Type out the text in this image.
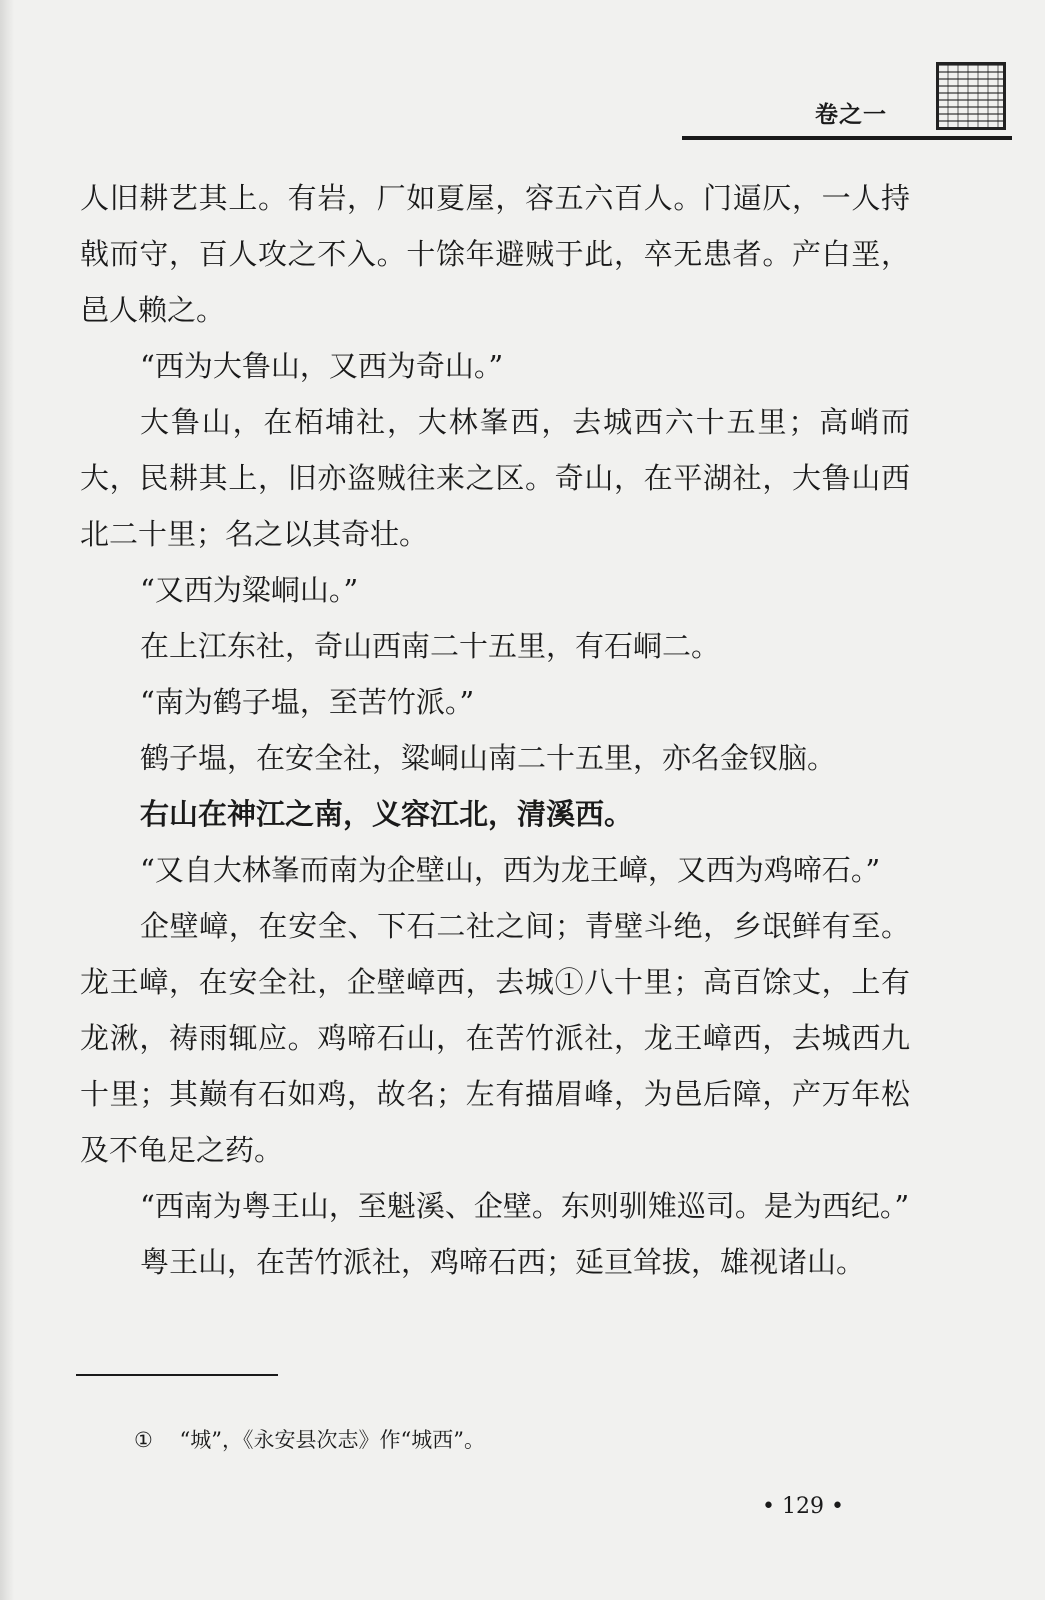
卷之一

人旧耕艺其上。有岩，厂如夏屋，容五六百人。门逼仄，一人持戟而守，百人攻之不入。十馀年避贼于此，卒无患者。产白垩，邑人赖之。

“西为大鲁山，又西为奇山。”

大鲁山，在栢埔社，大林峯西，去城西六十五里；高峭而大，民耕其上，旧亦盗贼往来之区。奇山，在平湖社，大鲁山西北二十里；名之以其奇壮。

“又西为粱峒山。”

在上江东社，奇山西南二十五里，有石峒二。

“南为鹤子塭，至苦竹派。”

鹤子塭，在安全社，粱峒山南二十五里，亦名金钗脑。

右山在神江之南，义容江北，清溪西。

“又自大林峯而南为企壁山，西为龙王嶂，又西为鸡啼石。”

企壁嶂，在安全、下石二社之间；青壁斗绝，乡氓鲜有至。龙王嶂，在安全社，企壁嶂西，去城①八十里；高百馀丈，上有龙湫，祷雨辄应。鸡啼石山，在苦竹派社，龙王嶂西，去城西九十里；其巅有石如鸡，故名；左有描眉峰，为邑后障，产万年松及不龟足之药。

“西南为粤王山，至魁溪、企壁。东则驯雉巡司。是为西纪。”

粤王山，在苦竹派社，鸡啼石西；延亘耸拔，雄视诸山。

① “城”，《永安县次志》作“城西”。
• 129 •
